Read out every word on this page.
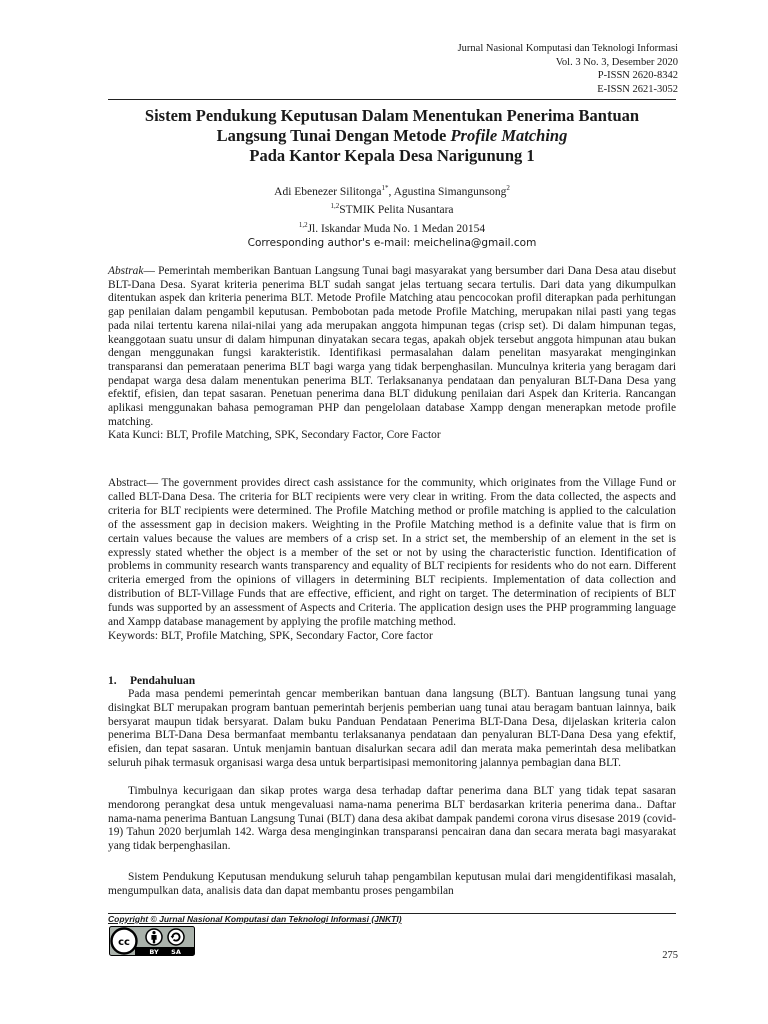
Jurnal Nasional Komputasi dan Teknologi Informasi
Vol. 3 No. 3, Desember 2020
P-ISSN 2620-8342
E-ISSN 2621-3052
Sistem Pendukung Keputusan Dalam Menentukan Penerima Bantuan
Langsung Tunai Dengan Metode Profile Matching
Pada Kantor Kepala Desa Narigunung 1
Adi Ebenezer Silitonga$^{1*}$, Agustina Simangunsong$^2$
$^{1,2}$STMIK Pelita Nusantara
$^{1,2}$Jl. Iskandar Muda No. 1 Medan 20154
Corresponding author's e-mail: meichelina@gmail.com
Abstrak— Pemerintah memberikan Bantuan Langsung Tunai bagi masyarakat yang bersumber dari Dana Desa atau disebut BLT-Dana Desa. Syarat kriteria penerima BLT sudah sangat jelas tertuang secara tertulis. Dari data yang dikumpulkan ditentukan aspek dan kriteria penerima BLT. Metode Profile Matching atau pencocokan profil diterapkan pada perhitungan gap penilaian dalam pengambil keputusan. Pembobotan pada metode Profile Matching, merupakan nilai pasti yang tegas pada nilai tertentu karena nilai-nilai yang ada merupakan anggota himpunan tegas (crisp set). Di dalam himpunan tegas, keanggotaan suatu unsur di dalam himpunan dinyatakan secara tegas, apakah objek tersebut anggota himpunan atau bukan dengan menggunakan fungsi karakteristik. Identifikasi permasalahan dalam penelitan masyarakat menginginkan transparansi dan pemerataan penerima BLT bagi warga yang tidak berpenghasilan. Munculnya kriteria yang beragam dari pendapat warga desa dalam menentukan penerima BLT. Terlaksananya pendataan dan penyaluran BLT-Dana Desa yang efektif, efisien, dan tepat sasaran. Penetuan penerima dana BLT didukung penilaian dari Aspek dan Kriteria. Rancangan aplikasi menggunakan bahasa pemograman PHP dan pengelolaan database Xampp dengan menerapkan metode profile matching.
Kata Kunci: BLT, Profile Matching, SPK, Secondary Factor, Core Factor
Abstract— The government provides direct cash assistance for the community, which originates from the Village Fund or called BLT-Dana Desa. The criteria for BLT recipients were very clear in writing. From the data collected, the aspects and criteria for BLT recipients were determined. The Profile Matching method or profile matching is applied to the calculation of the assessment gap in decision makers. Weighting in the Profile Matching method is a definite value that is firm on certain values because the values are members of a crisp set. In a strict set, the membership of an element in the set is expressly stated whether the object is a member of the set or not by using the characteristic function. Identification of problems in community research wants transparency and equality of BLT recipients for residents who do not earn. Different criteria emerged from the opinions of villagers in determining BLT recipients. Implementation of data collection and distribution of BLT-Village Funds that are effective, efficient, and right on target. The determination of recipients of BLT funds was supported by an assessment of Aspects and Criteria. The application design uses the PHP programming language and Xampp database management by applying the profile matching method.
Keywords: BLT, Profile Matching, SPK, Secondary Factor, Core factor
1. Pendahuluan
Pada masa pendemi pemerintah gencar memberikan bantuan dana langsung (BLT). Bantuan langsung tunai yang disingkat BLT merupakan program bantuan pemerintah berjenis pemberian uang tunai atau beragam bantuan lainnya, baik bersyarat maupun tidak bersyarat. Dalam buku Panduan Pendataan Penerima BLT-Dana Desa, dijelaskan kriteria calon penerima BLT-Dana Desa bermanfaat membantu terlaksananya pendataan dan penyaluran BLT-Dana Desa yang efektif, efisien, dan tepat sasaran. Untuk menjamin bantuan disalurkan secara adil dan merata maka pemerintah desa melibatkan seluruh pihak termasuk organisasi warga desa untuk berpartisipasi memonitoring jalannya pembagian dana BLT.
Timbulnya kecurigaan dan sikap protes warga desa terhadap daftar penerima dana BLT yang tidak tepat sasaran mendorong perangkat desa untuk mengevaluasi nama-nama penerima BLT berdasarkan kriteria penerima dana.. Daftar nama-nama penerima Bantuan Langsung Tunai (BLT) dana desa akibat dampak pandemi corona virus disesase 2019 (covid-19) Tahun 2020 berjumlah 142. Warga desa menginginkan transparansi pencairan dana dan secara merata bagi masyarakat yang tidak berpenghasilan.
Sistem Pendukung Keputusan mendukung seluruh tahap pengambilan keputusan mulai dari mengidentifikasi masalah, mengumpulkan data, analisis data dan dapat membantu proses pengambilan
Copyright © Jurnal Nasional Komputasi dan Teknologi Informasi (JNKTI)
cc
BY SA	275
